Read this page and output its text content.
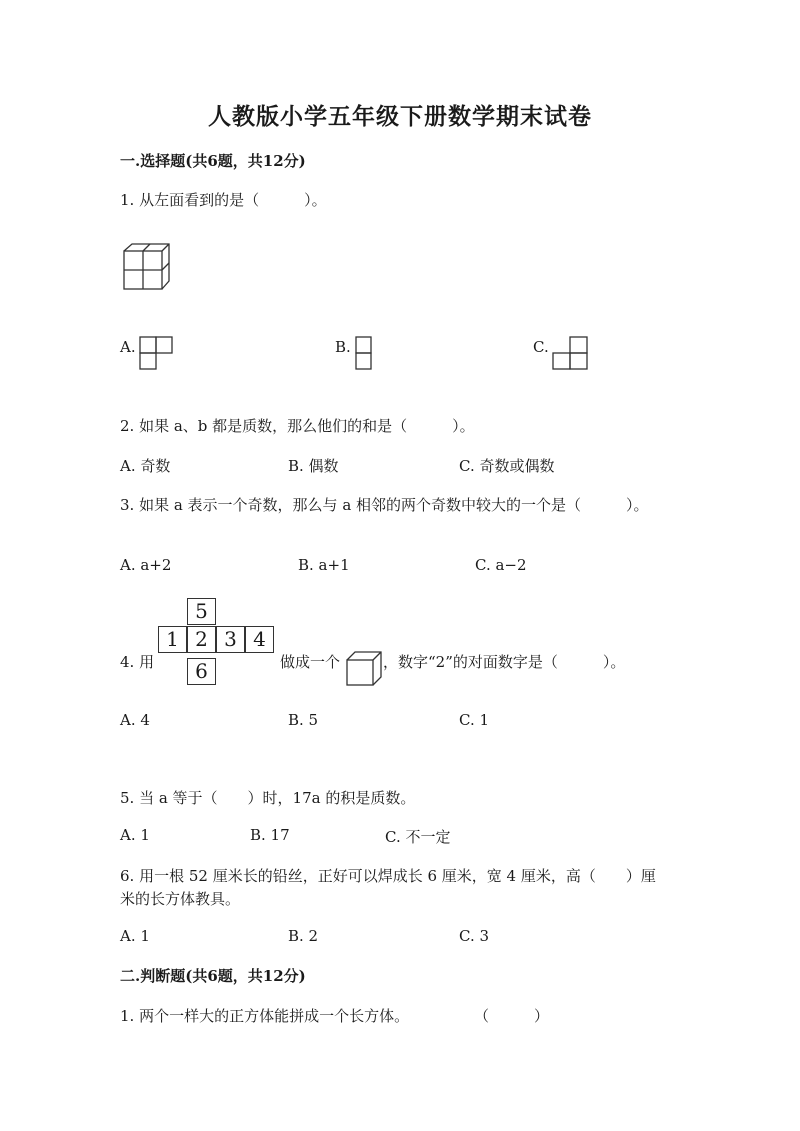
人教版小学五年级下册数学期末试卷
一.选择题(共6题，共12分)
1. 从左面看到的是（　　　）。
A.	B.	C.
2. 如果 a、b 都是质数，那么他们的和是（　　　）。
A. 奇数	B. 偶数	C. 奇数或偶数
3. 如果 a 表示一个奇数，那么与 a 相邻的两个奇数中较大的一个是（　　　）。
A. a+2	B. a+1	C. a−2
4. 用
5
1 2 3 4
6	做成一个	，数字“2”的对面数字是（　　　）。
A. 4	B. 5	C. 1
5. 当 a 等于（　　）时，17a 的积是质数。
A. 1	B. 17	C. 不一定
6. 用一根 52 厘米长的铅丝，正好可以焊成长 6 厘米，宽 4 厘米，高（　　）厘
米的长方体教具。
A. 1	B. 2	C. 3
二.判断题(共6题，共12分)
1. 两个一样大的正方体能拼成一个长方体。	（　　　）
